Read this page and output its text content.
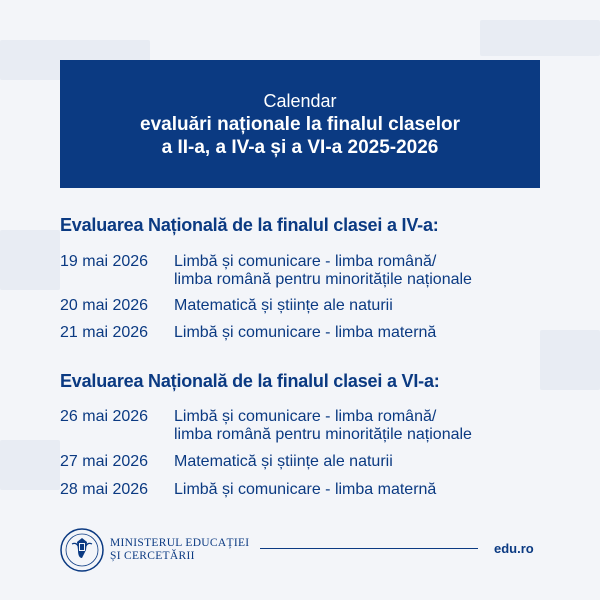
Calendar
evaluări naționale la finalul claselor
a II-a, a IV-a și a VI-a 2025-2026
Evaluarea Națională de la finalul clasei a IV-a:
19 mai 2026 Limbă și comunicare - limba română/
limba română pentru minoritățile naționale
20 mai 2026 Matematică și științe ale naturii
21 mai 2026 Limbă și comunicare - limba maternă
Evaluarea Națională de la finalul clasei a VI-a:
26 mai 2026 Limbă și comunicare - limba română/
limba română pentru minoritățile naționale
27 mai 2026 Matematică și științe ale naturii
28 mai 2026 Limbă și comunicare - limba maternă
MINISTERUL EDUCAȚIEI
ȘI CERCETĂRII	edu.ro
